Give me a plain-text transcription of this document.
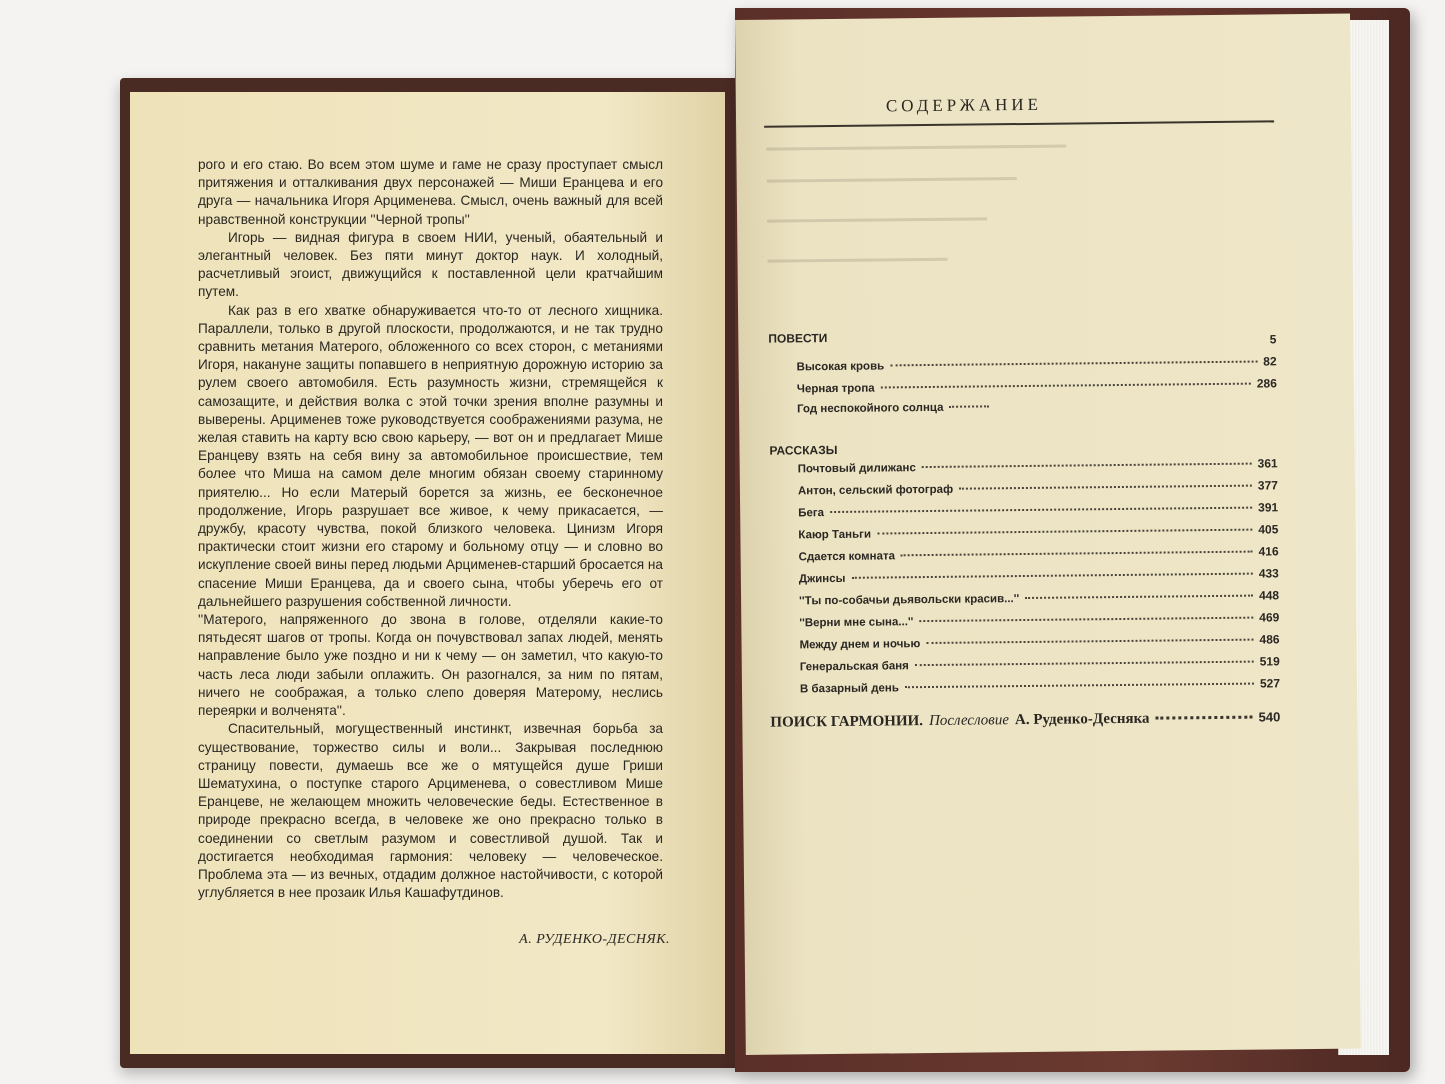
рого и его стаю. Во всем этом шуме и гаме не сразу проступает смысл притяжения и отталкивания двух персонажей — Миши Еранцева и его друга — начальника Игоря Арцименева. Смысл, очень важный для всей нравственной конструкции ''Черной тропы''

Игорь — видная фигура в своем НИИ, ученый, обаятельный и элегантный человек. Без пяти минут доктор наук. И холодный, расчетливый эгоист, движущийся к поставленной цели кратчайшим путем.

Как раз в его хватке обнаруживается что-то от лесного хищника. Параллели, только в другой плоскости, продолжаются, и не так трудно сравнить метания Матерого, обложенного со всех сторон, с метаниями Игоря, накануне защиты попавшего в неприятную дорожную историю за рулем своего автомобиля. Есть разумность жизни, стремящейся к самозащите, и действия волка с этой точки зрения вполне разумны и выверены. Арцименев тоже руководствуется соображениями разума, не желая ставить на карту всю свою карьеру, — вот он и предлагает Мише Еранцеву взять на себя вину за автомобильное происшествие, тем более что Миша на самом деле многим обязан своему старинному приятелю... Но если Матерый борется за жизнь, ее бесконечное продолжение, Игорь разрушает все живое, к чему прикасается, — дружбу, красоту чувства, покой близкого человека. Цинизм Игоря практически стоит жизни его старому и больному отцу — и словно во искупление своей вины перед людьми Арцименев-старший бросается на спасение Миши Еранцева, да и своего сына, чтобы уберечь его от дальнейшего разрушения собственной личности.

''Матерого, напряженного до звона в голове, отделяли какие-то пятьдесят шагов от тропы. Когда он почувствовал запах людей, менять направление было уже поздно и ни к чему — он заметил, что какую-то часть леса люди забыли оплажить. Он разогнался, за ним по пятам, ничего не соображая, а только слепо доверяя Матерому, неслись переярки и волченята''.

Спасительный, могущественный инстинкт, извечная борьба за существование, торжество силы и воли... Закрывая последнюю страницу повести, думаешь все же о мятущейся душе Гриши Шематухина, о поступке старого Арцименева, о совестливом Мише Еранцеве, не желающем множить человеческие беды. Естественное в природе прекрасно всегда, в человеке же оно прекрасно только в соединении со светлым разумом и совестливой душой. Так и достигается необходимая гармония: человеку — человеческое. Проблема эта — из вечных, отдадим должное настойчивости, с которой углубляется в нее прозаик Илья Кашафутдинов.

А. РУДЕНКО-ДЕСНЯК.
СОДЕРЖАНИЕ
ПОВЕСТИ	5
Высокая кровь	82
Черная тропа	286
Год неспокойного солнца
РАССКАЗЫ
Почтовый дилижанс	361
Антон, сельский фотограф	377
Бега	391
Каюр Таньги	405
Сдается комната	416
Джинсы	433
''Ты по-собачьи дьявольски красив...''	448
''Верни мне сына...''	469
Между днем и ночью	486
Генеральская баня	519
В базарный день	527
ПОИСК ГАРМОНИИ. Послесловие А. Руденко-Десняка	540
